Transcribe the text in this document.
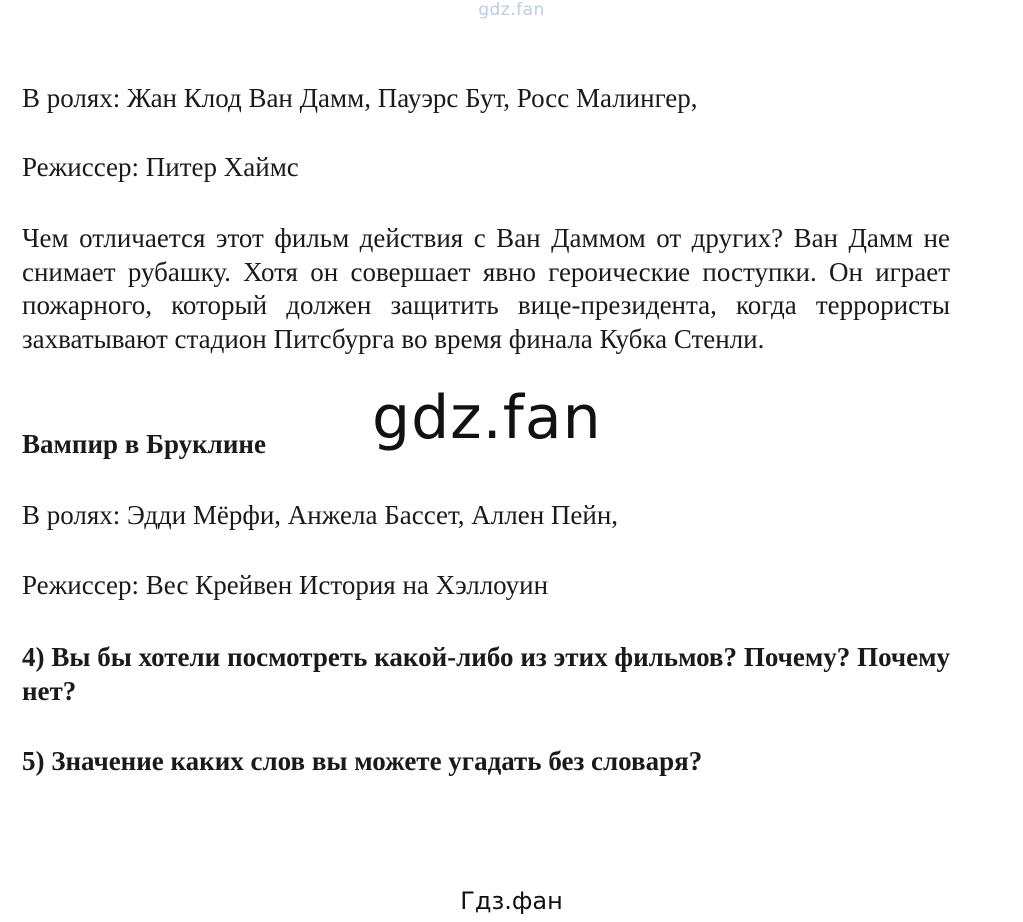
gdz.fan
В ролях: Жан Клод Ван Дамм, Пауэрс Бут, Росс Малингер,
Режиссер: Питер Хаймс
Чем отличается этот фильм действия с Ван Даммом от других? Ван Дамм не снимает рубашку. Хотя он совершает явно героические поступки. Он играет пожарного, который должен защитить вице-президента, когда террористы захватывают стадион Питсбурга во время финала Кубка Стенли.
Вампир в Бруклине gdz.fan
В ролях: Эдди Мёрфи, Анжела Бассет, Аллен Пейн,
Режиссер: Вес Крейвен История на Хэллоуин
4) Вы бы хотели посмотреть какой-либо из этих фильмов? Почему? Почему нет?
5) Значение каких слов вы можете угадать без словаря?
Гдз.фан
